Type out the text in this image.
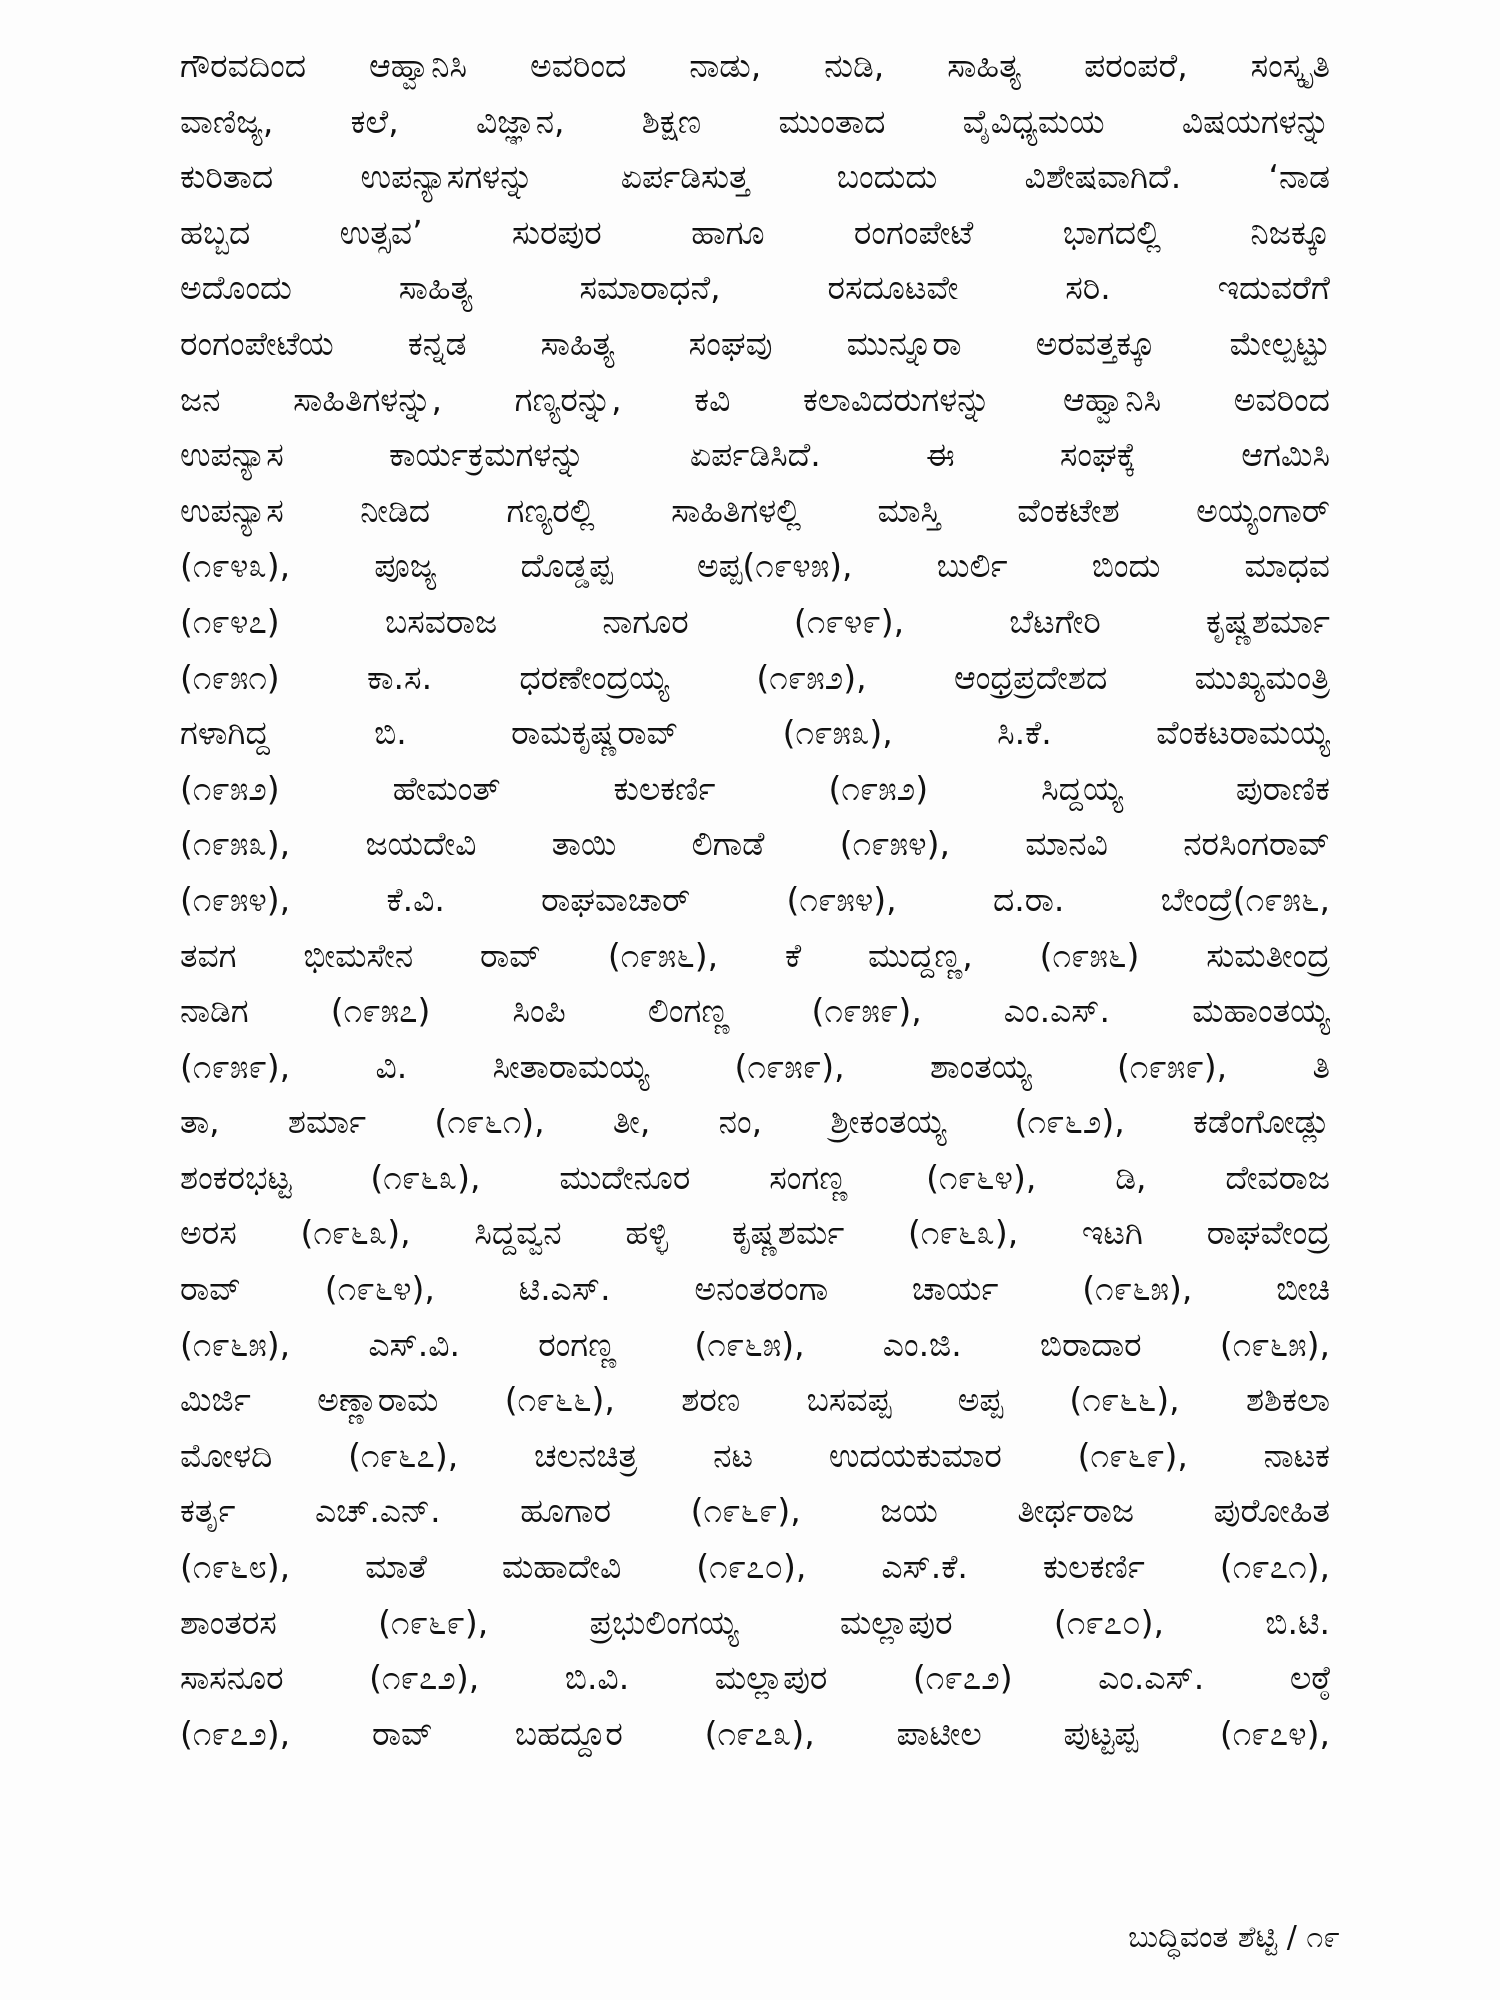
ಗೌರವದಿಂದ ಆಹ್ವಾನಿಸಿ ಅವರಿಂದ ನಾಡು, ನುಡಿ, ಸಾಹಿತ್ಯ ಪರಂಪರೆ, ಸಂಸ್ಕೃತಿ
ವಾಣಿಜ್ಯ, ಕಲೆ, ವಿಜ್ಞಾನ, ಶಿಕ್ಷಣ ಮುಂತಾದ ವೈವಿಧ್ಯಮಯ ವಿಷಯಗಳನ್ನು
ಕುರಿತಾದ ಉಪನ್ಯಾಸಗಳನ್ನು ಏರ್ಪಡಿಸುತ್ತ ಬಂದುದು ವಿಶೇಷವಾಗಿದೆ. ‘ನಾಡ
ಹಬ್ಬದ ಉತ್ಸವ’ ಸುರಪುರ ಹಾಗೂ ರಂಗಂಪೇಟೆ ಭಾಗದಲ್ಲಿ ನಿಜಕ್ಕೂ
ಅದೊಂದು ಸಾಹಿತ್ಯ ಸಮಾರಾಧನೆ, ರಸದೂಟವೇ ಸರಿ. ಇದುವರೆಗೆ
ರಂಗಂಪೇಟೆಯ ಕನ್ನಡ ಸಾಹಿತ್ಯ ಸಂಘವು ಮುನ್ನೂರಾ ಅರವತ್ತಕ್ಕೂ ಮೇಲ್ಪಟ್ಟು
ಜನ ಸಾಹಿತಿಗಳನ್ನು, ಗಣ್ಯರನ್ನು, ಕವಿ ಕಲಾವಿದರುಗಳನ್ನು ಆಹ್ವಾನಿಸಿ ಅವರಿಂದ
ಉಪನ್ಯಾಸ ಕಾರ್ಯಕ್ರಮಗಳನ್ನು ಏರ್ಪಡಿಸಿದೆ. ಈ ಸಂಘಕ್ಕೆ ಆಗಮಿಸಿ
ಉಪನ್ಯಾಸ ನೀಡಿದ ಗಣ್ಯರಲ್ಲಿ ಸಾಹಿತಿಗಳಲ್ಲಿ ಮಾಸ್ತಿ ವೆಂಕಟೇಶ ಅಯ್ಯಂಗಾರ್
(೧೯೪೩), ಪೂಜ್ಯ ದೊಡ್ಡಪ್ಪ ಅಪ್ಪ(೧೯೪೫), ಬುರ್ಲಿ ಬಿಂದು ಮಾಧವ
(೧೯೪೭) ಬಸವರಾಜ ನಾಗೂರ (೧೯೪೯), ಬೆಟಗೇರಿ ಕೃಷ್ಣಶರ್ಮಾ
(೧೯೫೧) ಕಾ.ಸ. ಧರಣೇಂದ್ರಯ್ಯ (೧೯೫೨), ಆಂಧ್ರಪ್ರದೇಶದ ಮುಖ್ಯಮಂತ್ರಿ
ಗಳಾಗಿದ್ದ ಬಿ. ರಾಮಕೃಷ್ಣರಾವ್ (೧೯೫೩), ಸಿ.ಕೆ. ವೆಂಕಟರಾಮಯ್ಯ
(೧೯೫೨) ಹೇಮಂತ್ ಕುಲಕರ್ಣಿ (೧೯೫೨) ಸಿದ್ದಯ್ಯ ಪುರಾಣಿಕ
(೧೯೫೩), ಜಯದೇವಿ ತಾಯಿ ಲಿಗಾಡೆ (೧೯೫೪), ಮಾನವಿ ನರಸಿಂಗರಾವ್
(೧೯೫೪), ಕೆ.ವಿ. ರಾಘವಾಚಾರ್ (೧೯೫೪), ದ.ರಾ. ಬೇಂದ್ರೆ(೧೯೫೬,
ತವಗ ಭೀಮಸೇನ ರಾವ್ (೧೯೫೬), ಕೆ ಮುದ್ದಣ್ಣ, (೧೯೫೬) ಸುಮತೀಂದ್ರ
ನಾಡಿಗ (೧೯೫೭) ಸಿಂಪಿ ಲಿಂಗಣ್ಣ (೧೯೫೯), ಎಂ.ಎಸ್. ಮಹಾಂತಯ್ಯ
(೧೯೫೯), ವಿ. ಸೀತಾರಾಮಯ್ಯ (೧೯೫೯), ಶಾಂತಯ್ಯ (೧೯೫೯), ತಿ
ತಾ, ಶರ್ಮಾ (೧೯೬೧), ತೀ, ನಂ, ಶ್ರೀಕಂತಯ್ಯ (೧೯೬೨), ಕಡೆಂಗೋಡ್ಲು
ಶಂಕರಭಟ್ಟ (೧೯೬೩), ಮುದೇನೂರ ಸಂಗಣ್ಣ (೧೯೬೪), ಡಿ, ದೇವರಾಜ
ಅರಸ (೧೯೬೩), ಸಿದ್ದವ್ವನ ಹಳ್ಳಿ ಕೃಷ್ಣಶರ್ಮ (೧೯೬೩), ಇಟಗಿ ರಾಘವೇಂದ್ರ
ರಾವ್ (೧೯೬೪), ಟಿ.ಎಸ್. ಅನಂತರಂಗಾ ಚಾರ್ಯ (೧೯೬೫), ಬೀಚಿ
(೧೯೬೫), ಎಸ್.ವಿ. ರಂಗಣ್ಣ (೧೯೬೫), ಎಂ.ಜಿ. ಬಿರಾದಾರ (೧೯೬೫),
ಮಿರ್ಜಿ ಅಣ್ಣಾರಾಮ (೧೯೬೬), ಶರಣ ಬಸವಪ್ಪ ಅಪ್ಪ (೧೯೬೬), ಶಶಿಕಲಾ
ಮೋಳದಿ (೧೯೬೭), ಚಲನಚಿತ್ರ ನಟ ಉದಯಕುಮಾರ (೧೯೬೯), ನಾಟಕ
ಕರ್ತೃ ಎಚ್.ಎನ್. ಹೂಗಾರ (೧೯೬೯), ಜಯ ತೀರ್ಥರಾಜ ಪುರೋಹಿತ
(೧೯೬೮), ಮಾತೆ ಮಹಾದೇವಿ (೧೯೭೦), ಎಸ್.ಕೆ. ಕುಲಕರ್ಣಿ (೧೯೭೧),
ಶಾಂತರಸ (೧೯೬೯), ಪ್ರಭುಲಿಂಗಯ್ಯ ಮಲ್ಲಾಪುರ (೧೯೭೦), ಬಿ.ಟಿ.
ಸಾಸನೂರ (೧೯೭೨), ಬಿ.ವಿ. ಮಲ್ಲಾಪುರ (೧೯೭೨) ಎಂ.ಎಸ್. ಲಠ್ಠೆ
(೧೯೭೨), ರಾವ್ ಬಹದ್ದೂರ (೧೯೭೩), ಪಾಟೀಲ ಪುಟ್ಟಪ್ಪ (೧೯೭೪),
ಬುದ್ಧಿವಂತ ಶೆಟ್ಟಿ / ೧೯
